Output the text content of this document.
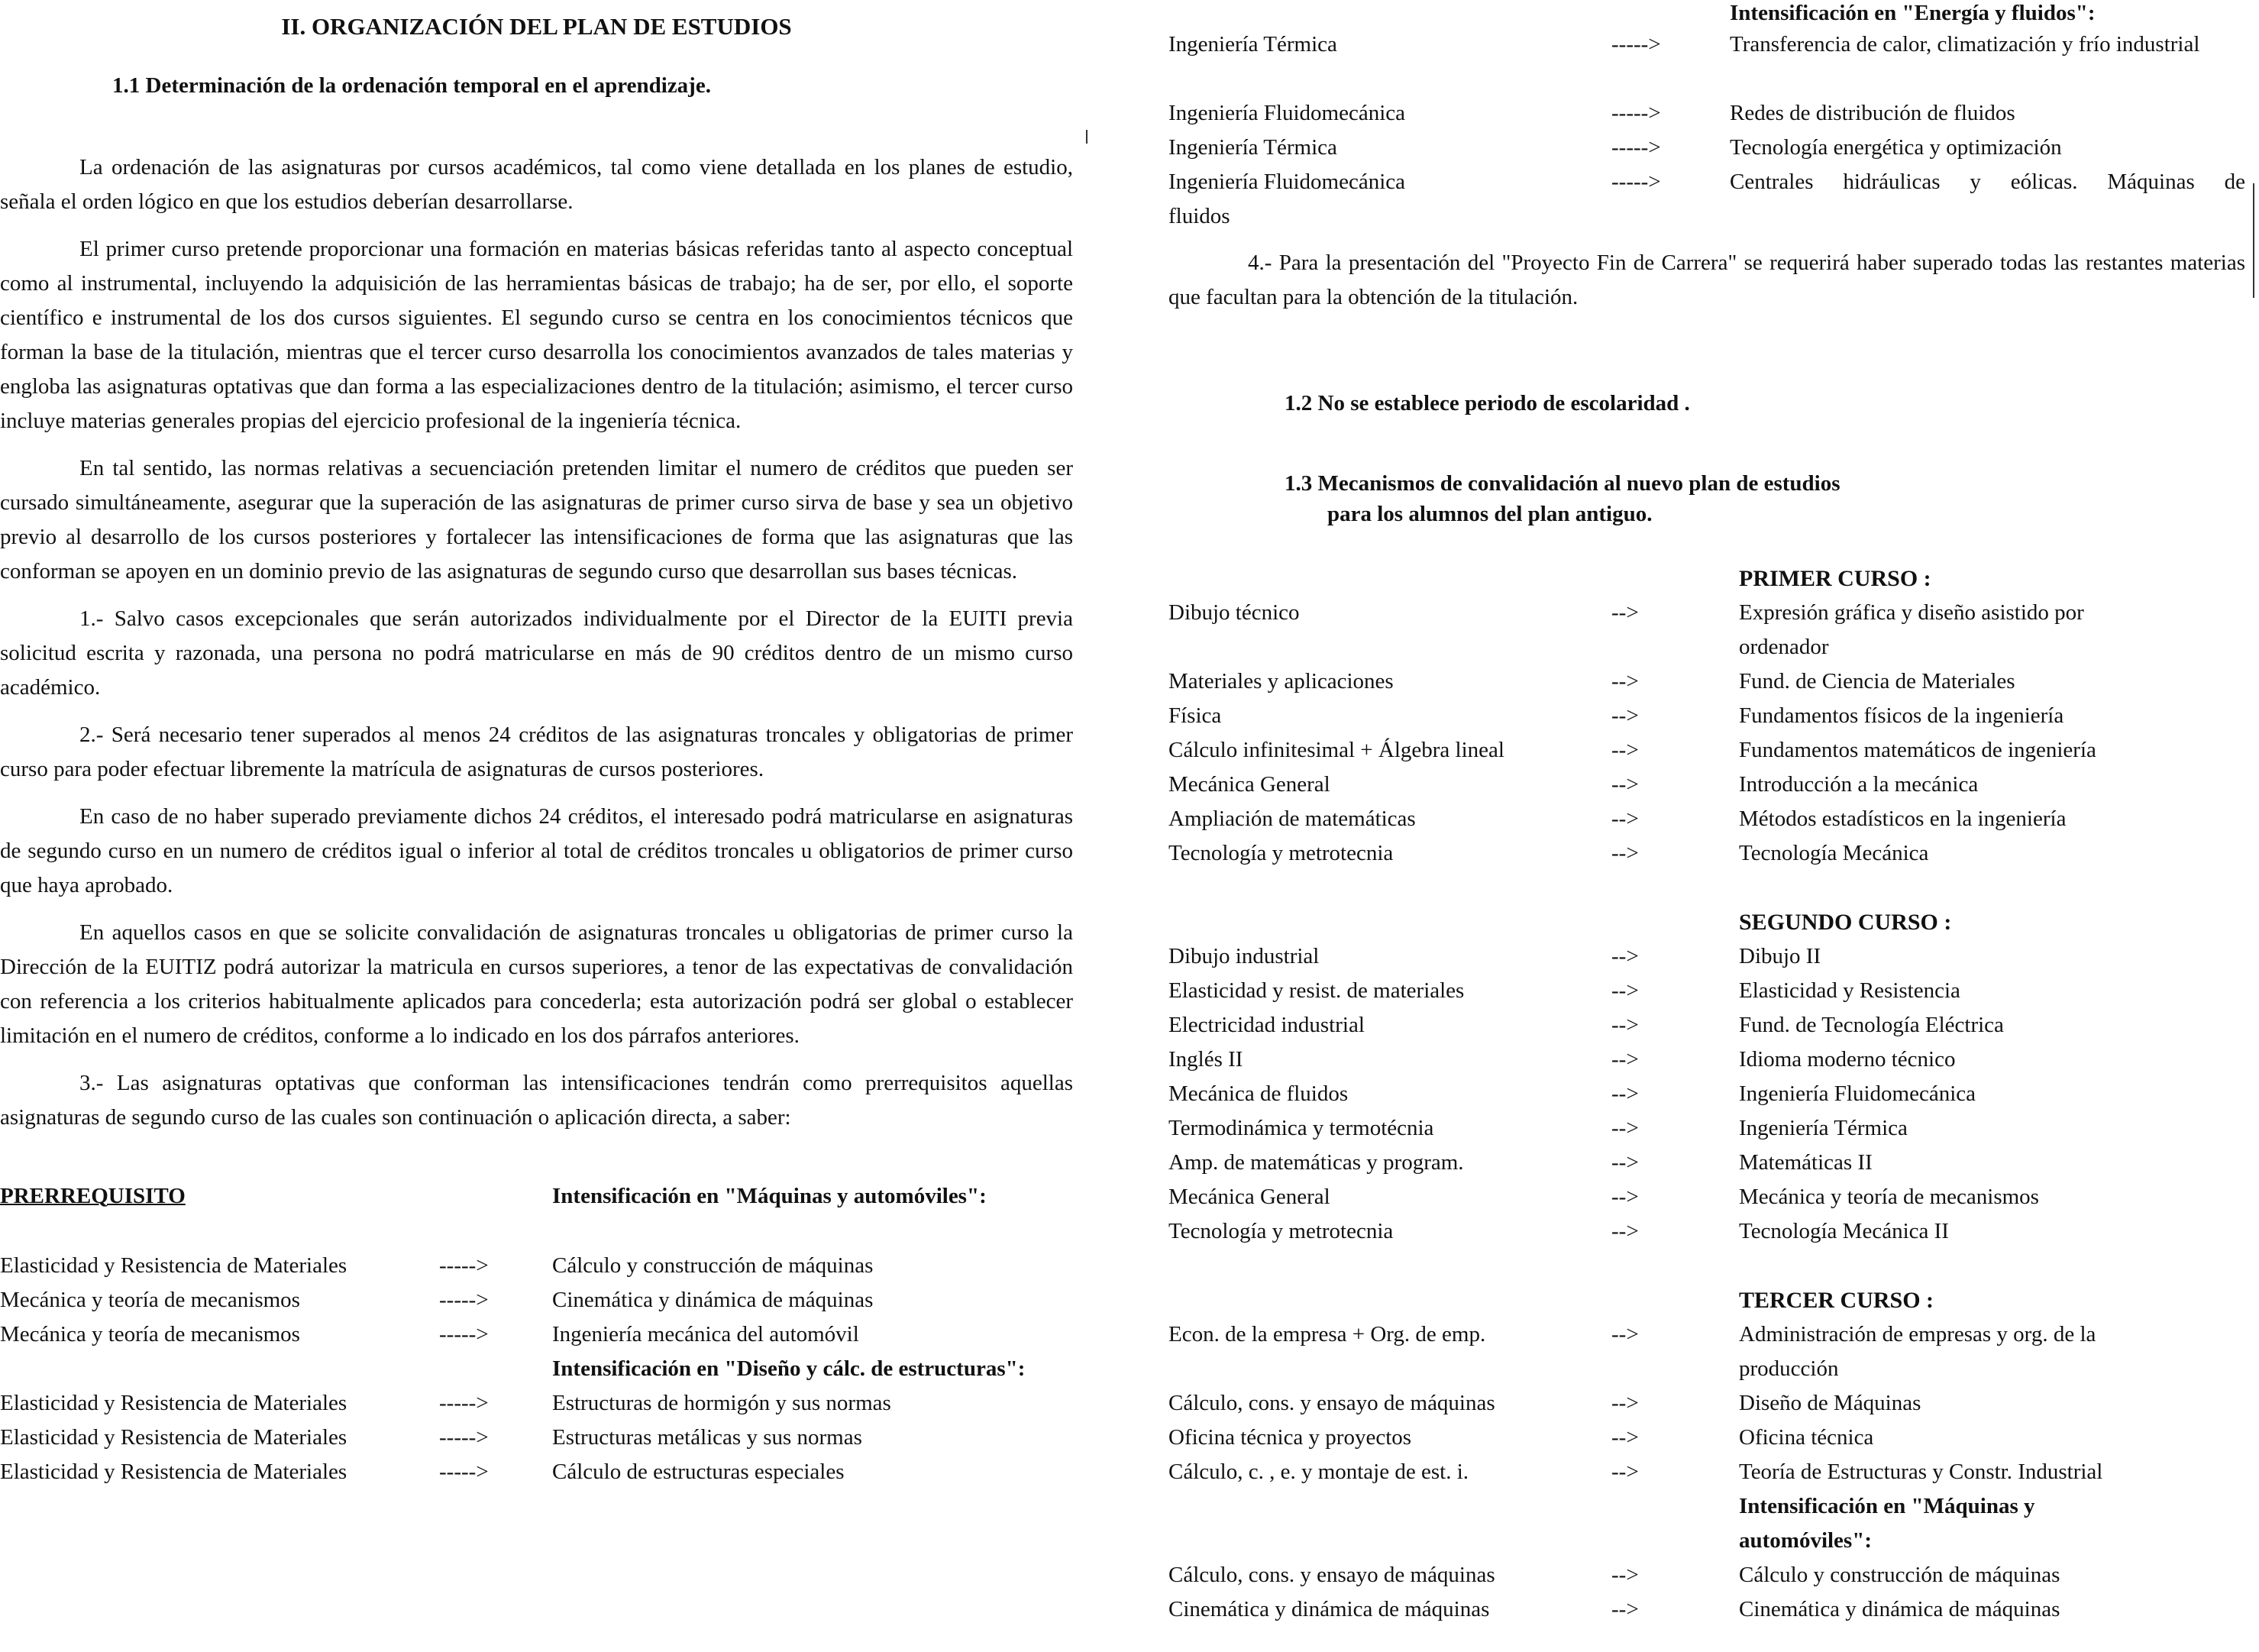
II. ORGANIZACIÓN DEL PLAN DE ESTUDIOS

1.1 Determinación de la ordenación temporal en el aprendizaje.

La ordenación de las asignaturas por cursos académicos, tal como viene detallada en los planes de estudio, señala el orden lógico en que los estudios deberían desarrollarse.

El primer curso pretende proporcionar una formación en materias básicas referidas tanto al aspecto conceptual como al instrumental, incluyendo la adquisición de las herramientas básicas de trabajo; ha de ser, por ello, el soporte científico e instrumental de los dos cursos siguientes. El segundo curso se centra en los conocimientos técnicos que forman la base de la titulación, mientras que el tercer curso desarrolla los conocimientos avanzados de tales materias y engloba las asignaturas optativas que dan forma a las especializaciones dentro de la titulación; asimismo, el tercer curso incluye materias generales propias del ejercicio profesional de la ingeniería técnica.

En tal sentido, las normas relativas a secuenciación pretenden limitar el numero de créditos que pueden ser cursado simultáneamente, asegurar que la superación de las asignaturas de primer curso sirva de base y sea un objetivo previo al desarrollo de los cursos posteriores y fortalecer las intensificaciones de forma que las asignaturas que las conforman se apoyen en un dominio previo de las asignaturas de segundo curso que desarrollan sus bases técnicas.

1.- Salvo casos excepcionales que serán autorizados individualmente por el Director de la EUITI previa solicitud escrita y razonada, una persona no podrá matricularse en más de 90 créditos dentro de un mismo curso académico.

2.- Será necesario tener superados al menos 24 créditos de las asignaturas troncales y obligatorias de primer curso para poder efectuar libremente la matrícula de asignaturas de cursos posteriores.

En caso de no haber superado previamente dichos 24 créditos, el interesado podrá matricularse en asignaturas de segundo curso en un numero de créditos igual o inferior al total de créditos troncales u obligatorios de primer curso que haya aprobado.

En aquellos casos en que se solicite convalidación de asignaturas troncales u obligatorias de primer curso la Dirección de la EUITIZ podrá autorizar la matricula en cursos superiores, a tenor de las expectativas de convalidación con referencia a los criterios habitualmente aplicados para concederla; esta autorización podrá ser global o establecer limitación en el numero de créditos, conforme a lo indicado en los dos párrafos anteriores.

3.- Las asignaturas optativas que conforman las intensificaciones tendrán como prerrequisitos aquellas asignaturas de segundo curso de las cuales son continuación o aplicación directa, a saber:

PRERREQUISITO	Intensificación en "Máquinas y automóviles":
Elasticidad y Resistencia de Materiales	----->	Cálculo y construcción de máquinas
Mecánica y teoría de mecanismos	----->	Cinemática y dinámica de máquinas
Mecánica y teoría de mecanismos	----->	Ingeniería mecánica del automóvil
Intensificación en "Diseño y cálc. de estructuras":
Elasticidad y Resistencia de Materiales	----->	Estructuras de hormigón y sus normas
Elasticidad y Resistencia de Materiales	----->	Estructuras metálicas y sus normas
Elasticidad y Resistencia de Materiales	----->	Cálculo de estructuras especiales
Intensificación en "Energía y fluidos":
Ingeniería Térmica	----->	Transferencia de calor, climatización y frío industrial
Ingeniería Fluidomecánica	----->	Redes de distribución de fluidos
Ingeniería Térmica	----->	Tecnología energética y optimización
Ingeniería Fluidomecánica	----->	Centrales hidráulicas y eólicas. Máquinas de
fluidos

4.- Para la presentación del "Proyecto Fin de Carrera" se requerirá haber superado todas las restantes materias que facultan para la obtención de la titulación.

1.2 No se establece periodo de escolaridad .

1.3 Mecanismos de convalidación al nuevo plan de estudios
para los alumnos del plan antiguo.
PRIMER CURSO :
Dibujo técnico	-->	Expresión gráfica y diseño asistido por ordenador
Materiales y aplicaciones	-->	Fund. de Ciencia de Materiales
Física	-->	Fundamentos físicos de la ingeniería
Cálculo infinitesimal + Álgebra lineal	-->	Fundamentos matemáticos de ingeniería
Mecánica General	-->	Introducción a la mecánica
Ampliación de matemáticas	-->	Métodos estadísticos en la ingeniería
Tecnología y metrotecnia	-->	Tecnología Mecánica
SEGUNDO CURSO :
Dibujo industrial	-->	Dibujo II
Elasticidad y resist. de materiales	-->	Elasticidad y Resistencia
Electricidad industrial	-->	Fund. de Tecnología Eléctrica
Inglés II	-->	Idioma moderno técnico
Mecánica de fluidos	-->	Ingeniería Fluidomecánica
Termodinámica y termotécnia	-->	Ingeniería Térmica
Amp. de matemáticas y program.	-->	Matemáticas II
Mecánica General	-->	Mecánica y teoría de mecanismos
Tecnología y metrotecnia	-->	Tecnología Mecánica II
TERCER CURSO :
Econ. de la empresa + Org. de emp.	-->	Administración de empresas y org. de la producción
Cálculo, cons. y ensayo de máquinas	-->	Diseño de Máquinas
Oficina técnica y proyectos	-->	Oficina técnica
Cálculo, c. , e. y montaje de est. i.	-->	Teoría de Estructuras y Constr. Industrial
Intensificación en "Máquinas y automóviles":
Cálculo, cons. y ensayo de máquinas	-->	Cálculo y construcción de máquinas
Cinemática y dinámica de máquinas	-->	Cinemática y dinámica de máquinas
